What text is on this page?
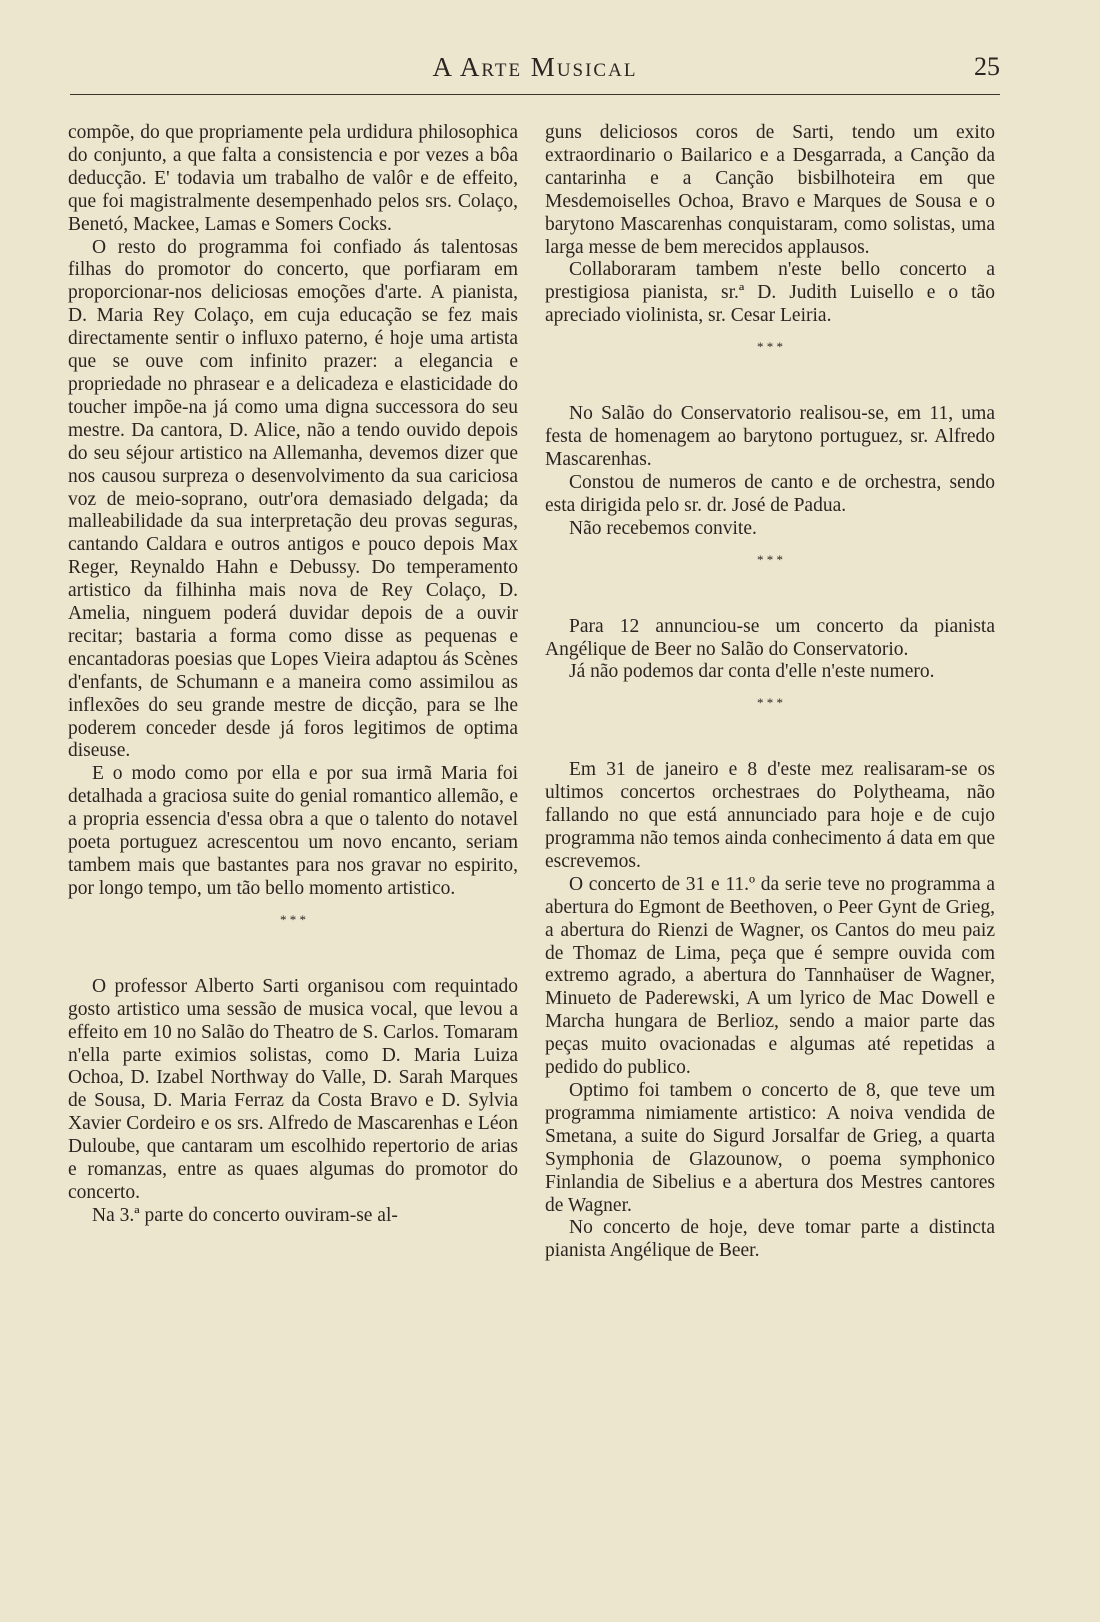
A Arte Musical	25

compõe, do que propriamente pela urdidura philosophica do conjunto, a que falta a consistencia e por vezes a bôa deducção. E' todavia um trabalho de valôr e de effeito, que foi magistralmente desempenhado pelos srs. Colaço, Benetó, Mackee, Lamas e Somers Cocks.

O resto do programma foi confiado ás talentosas filhas do promotor do concerto, que porfiaram em proporcionar-nos deliciosas emoções d'arte. A pianista, D. Maria Rey Colaço, em cuja educação se fez mais directamente sentir o influxo paterno, é hoje uma artista que se ouve com infinito prazer: a elegancia e propriedade no phrasear e a delicadeza e elasticidade do toucher impõe-na já como uma digna successora do seu mestre. Da cantora, D. Alice, não a tendo ouvido depois do seu séjour artistico na Allemanha, devemos dizer que nos causou surpreza o desenvolvimento da sua cariciosa voz de meio-soprano, outr'ora demasiado delgada; da malleabilidade da sua interpretação deu provas seguras, cantando Caldara e outros antigos e pouco depois Max Reger, Reynaldo Hahn e Debussy. Do temperamento artistico da filhinha mais nova de Rey Colaço, D. Amelia, ninguem poderá duvidar depois de a ouvir recitar; bastaria a forma como disse as pequenas e encantadoras poesias que Lopes Vieira adaptou ás Scènes d'enfants, de Schumann e a maneira como assimilou as inflexões do seu grande mestre de dicção, para se lhe poderem conceder desde já foros legitimos de optima diseuse.

E o modo como por ella e por sua irmã Maria foi detalhada a graciosa suite do genial romantico allemão, e a propria essencia d'essa obra a que o talento do notavel poeta portuguez acrescentou um novo encanto, seriam tambem mais que bastantes para nos gravar no espirito, por longo tempo, um tão bello momento artistico.

* * *

O professor Alberto Sarti organisou com requintado gosto artistico uma sessão de musica vocal, que levou a effeito em 10 no Salão do Theatro de S. Carlos. Tomaram n'ella parte eximios solistas, como D. Maria Luiza Ochoa, D. Izabel Northway do Valle, D. Sarah Marques de Sousa, D. Maria Ferraz da Costa Bravo e D. Sylvia Xavier Cordeiro e os srs. Alfredo de Mascarenhas e Léon Duloube, que cantaram um escolhido repertorio de arias e romanzas, entre as quaes algumas do promotor do concerto.

Na 3.ª parte do concerto ouviram-se al-

guns deliciosos coros de Sarti, tendo um exito extraordinario o Bailarico e a Desgarrada, a Canção da cantarinha e a Canção bisbilhoteira em que Mesdemoiselles Ochoa, Bravo e Marques de Sousa e o barytono Mascarenhas conquistaram, como solistas, uma larga messe de bem merecidos applausos.

Collaboraram tambem n'este bello concerto a prestigiosa pianista, sr.ª D. Judith Luisello e o tão apreciado violinista, sr. Cesar Leiria.

* * *

No Salão do Conservatorio realisou-se, em 11, uma festa de homenagem ao barytono portuguez, sr. Alfredo Mascarenhas.

Constou de numeros de canto e de orchestra, sendo esta dirigida pelo sr. dr. José de Padua.

Não recebemos convite.

* * *

Para 12 annunciou-se um concerto da pianista Angélique de Beer no Salão do Conservatorio.

Já não podemos dar conta d'elle n'este numero.

* * *

Em 31 de janeiro e 8 d'este mez realisaram-se os ultimos concertos orchestraes do Polytheama, não fallando no que está annunciado para hoje e de cujo programma não temos ainda conhecimento á data em que escrevemos.

O concerto de 31 e 11.º da serie teve no programma a abertura do Egmont de Beethoven, o Peer Gynt de Grieg, a abertura do Rienzi de Wagner, os Cantos do meu paiz de Thomaz de Lima, peça que é sempre ouvida com extremo agrado, a abertura do Tannhaüser de Wagner, Minueto de Paderewski, A um lyrico de Mac Dowell e Marcha hungara de Berlioz, sendo a maior parte das peças muito ovacionadas e algumas até repetidas a pedido do publico.

Optimo foi tambem o concerto de 8, que teve um programma nimiamente artistico: A noiva vendida de Smetana, a suite do Sigurd Jorsalfar de Grieg, a quarta Symphonia de Glazounow, o poema symphonico Finlandia de Sibelius e a abertura dos Mestres cantores de Wagner.

No concerto de hoje, deve tomar parte a distincta pianista Angélique de Beer.
